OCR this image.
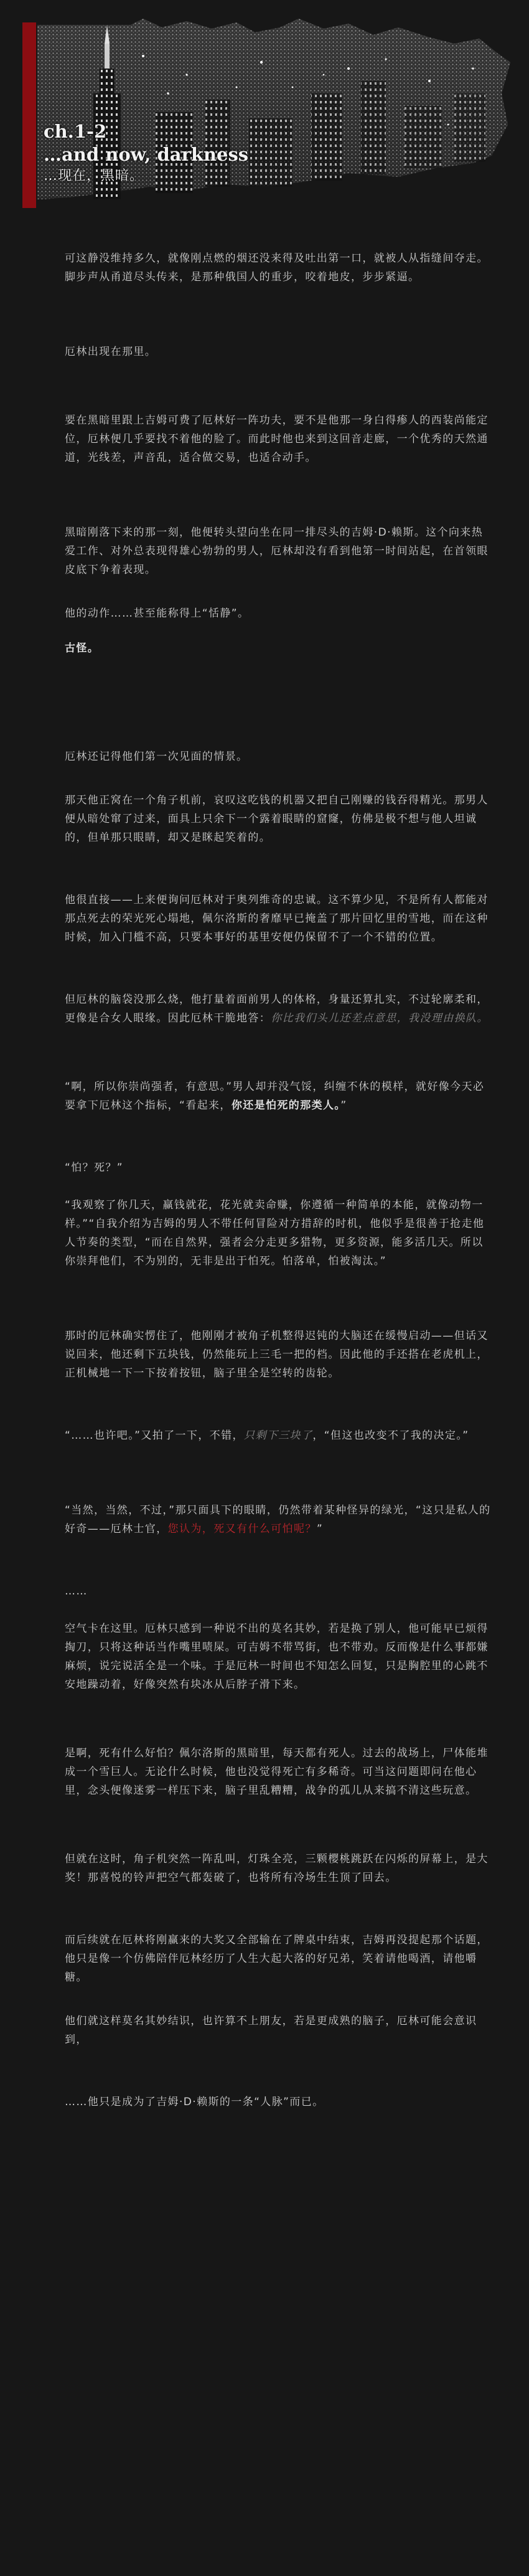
ch.1-2
…and now, darkness
…现在，黑暗。
可这静没维持多久，就像刚点燃的烟还没来得及吐出第一口，就被人从指缝间夺走。脚步声从甬道尽头传来，是那种俄国人的重步，咬着地皮，步步紧逼。
厄林出现在那里。
要在黑暗里跟上吉姆可费了厄林好一阵功夫，要不是他那一身白得瘆人的西装尚能定位，厄林便几乎要找不着他的脸了。而此时他也来到这回音走廊，一个优秀的天然通道，光线差，声音乱，适合做交易，也适合动手。
黑暗刚落下来的那一刻，他便转头望向坐在同一排尽头的吉姆·D·赖斯。这个向来热爱工作、对外总表现得雄心勃勃的男人，厄林却没有看到他第一时间站起，在首领眼皮底下争着表现。
他的动作……甚至能称得上“恬静”。
古怪。
厄林还记得他们第一次见面的情景。
那天他正窝在一个角子机前，哀叹这吃钱的机器又把自己刚赚的钱吞得精光。那男人便从暗处窜了过来，面具上只余下一个露着眼睛的窟窿，仿佛是极不想与他人坦诚的，但单那只眼睛，却又是眯起笑着的。
他很直接——上来便询问厄林对于奥列维奇的忠诚。这不算少见，不是所有人都能对那点死去的荣光死心塌地，佩尔洛斯的奢靡早已掩盖了那片回忆里的雪地，而在这种时候，加入门槛不高，只要本事好的基里安便仍保留不了一个不错的位置。
但厄林的脑袋没那么烧，他打量着面前男人的体格，身量还算扎实，不过轮廓柔和，更像是合女人眼缘。因此厄林干脆地答：你比我们头儿还差点意思，我没理由换队。
“啊，所以你崇尚强者，有意思。”男人却并没气馁，纠缠不休的模样，就好像今天必要拿下厄林这个指标，“看起来，你还是怕死的那类人。”
“怕？死？”
“我观察了你几天，赢钱就花，花光就卖命赚，你遵循一种简单的本能，就像动物一样。”“自我介绍为吉姆的男人不带任何冒险对方措辞的时机，他似乎是很善于抢走他人节奏的类型，“而在自然界，强者会分走更多猎物，更多资源，能多活几天。所以你崇拜他们，不为别的，无非是出于怕死。怕落单，怕被淘汰。”
那时的厄林确实愣住了，他刚刚才被角子机整得迟钝的大脑还在缓慢启动——但话又说回来，他还剩下五块钱，仍然能玩上三毛一把的档。因此他的手还搭在老虎机上，正机械地一下一下按着按钮，脑子里全是空转的齿轮。
“……也许吧。”又拍了一下，不错，只剩下三块了，“但这也改变不了我的决定。”
“当然，当然，不过，”那只面具下的眼睛，仍然带着某种怪异的绿光，“这只是私人的好奇——厄林士官，您认为，死又有什么可怕呢？”
……
空气卡在这里。厄林只感到一种说不出的莫名其妙，若是换了别人，他可能早已烦得掏刀，只将这种话当作嘴里啧屎。可吉姆不带骂街，也不带劝。反而像是什么事都嫌麻烦，说完说活全是一个味。于是厄林一时间也不知怎么回复，只是胸腔里的心跳不安地躁动着，好像突然有块冰从后脖子滑下来。
是啊，死有什么好怕？佩尔洛斯的黑暗里，每天都有死人。过去的战场上，尸体能堆成一个雪巨人。无论什么时候，他也没觉得死亡有多稀奇。可当这问题即问在他心里，念头便像迷雾一样压下来，脑子里乱糟糟，战争的孤儿从来搞不清这些玩意。
但就在这时，角子机突然一阵乱叫，灯珠全亮，三颗樱桃跳跃在闪烁的屏幕上，是大奖！那喜悦的铃声把空气都轰破了，也将所有冷场生生顶了回去。
而后续就在厄林将刚赢来的大奖又全部输在了牌桌中结束，吉姆再没提起那个话题，他只是像一个仿佛陪伴厄林经历了人生大起大落的好兄弟，笑着请他喝酒，请他嚼糖。
他们就这样莫名其妙结识，也许算不上朋友，若是更成熟的脑子，厄林可能会意识到，
……他只是成为了吉姆·D·赖斯的一条“人脉”而已。
